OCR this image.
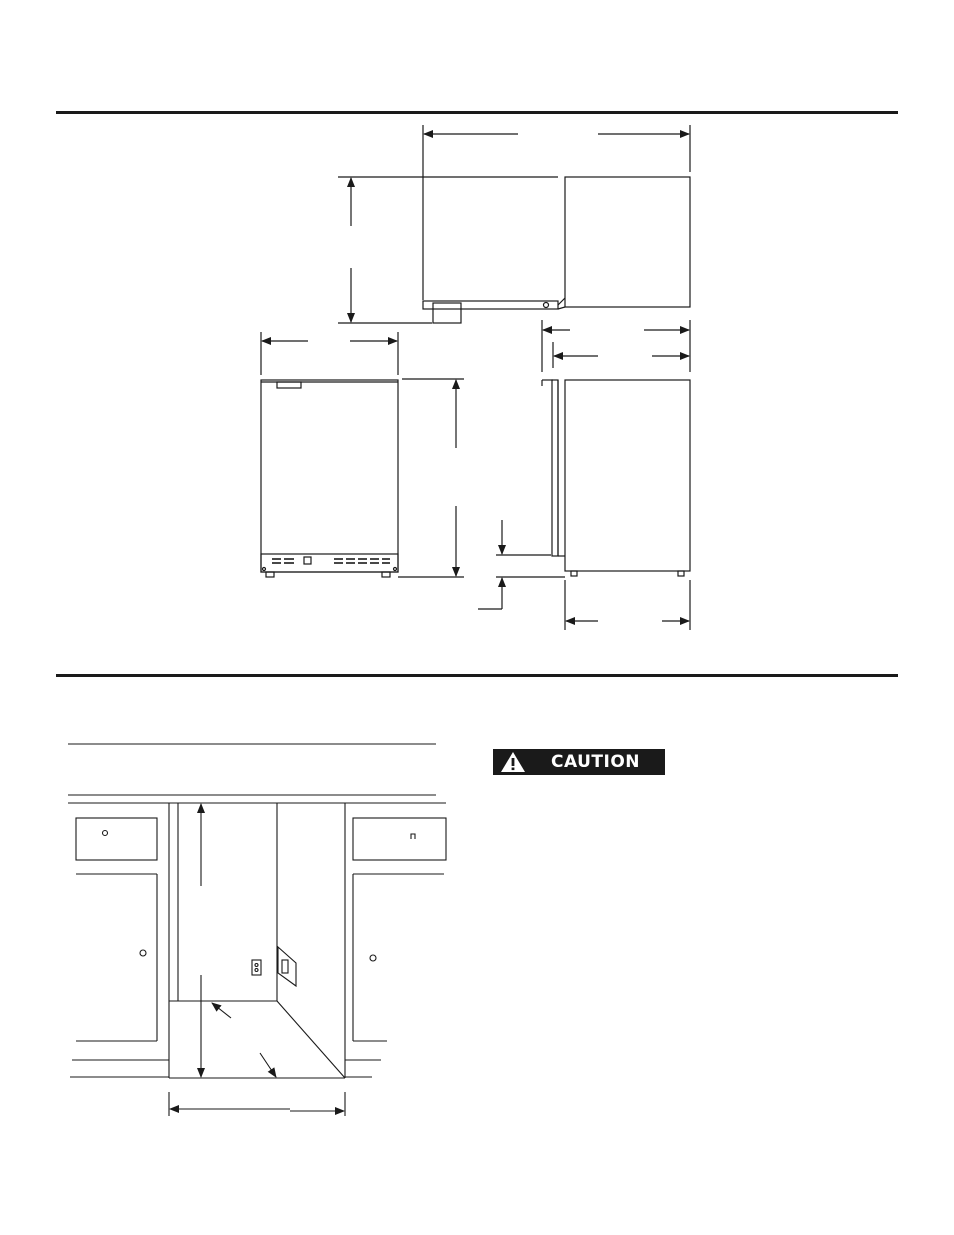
CAUTION
